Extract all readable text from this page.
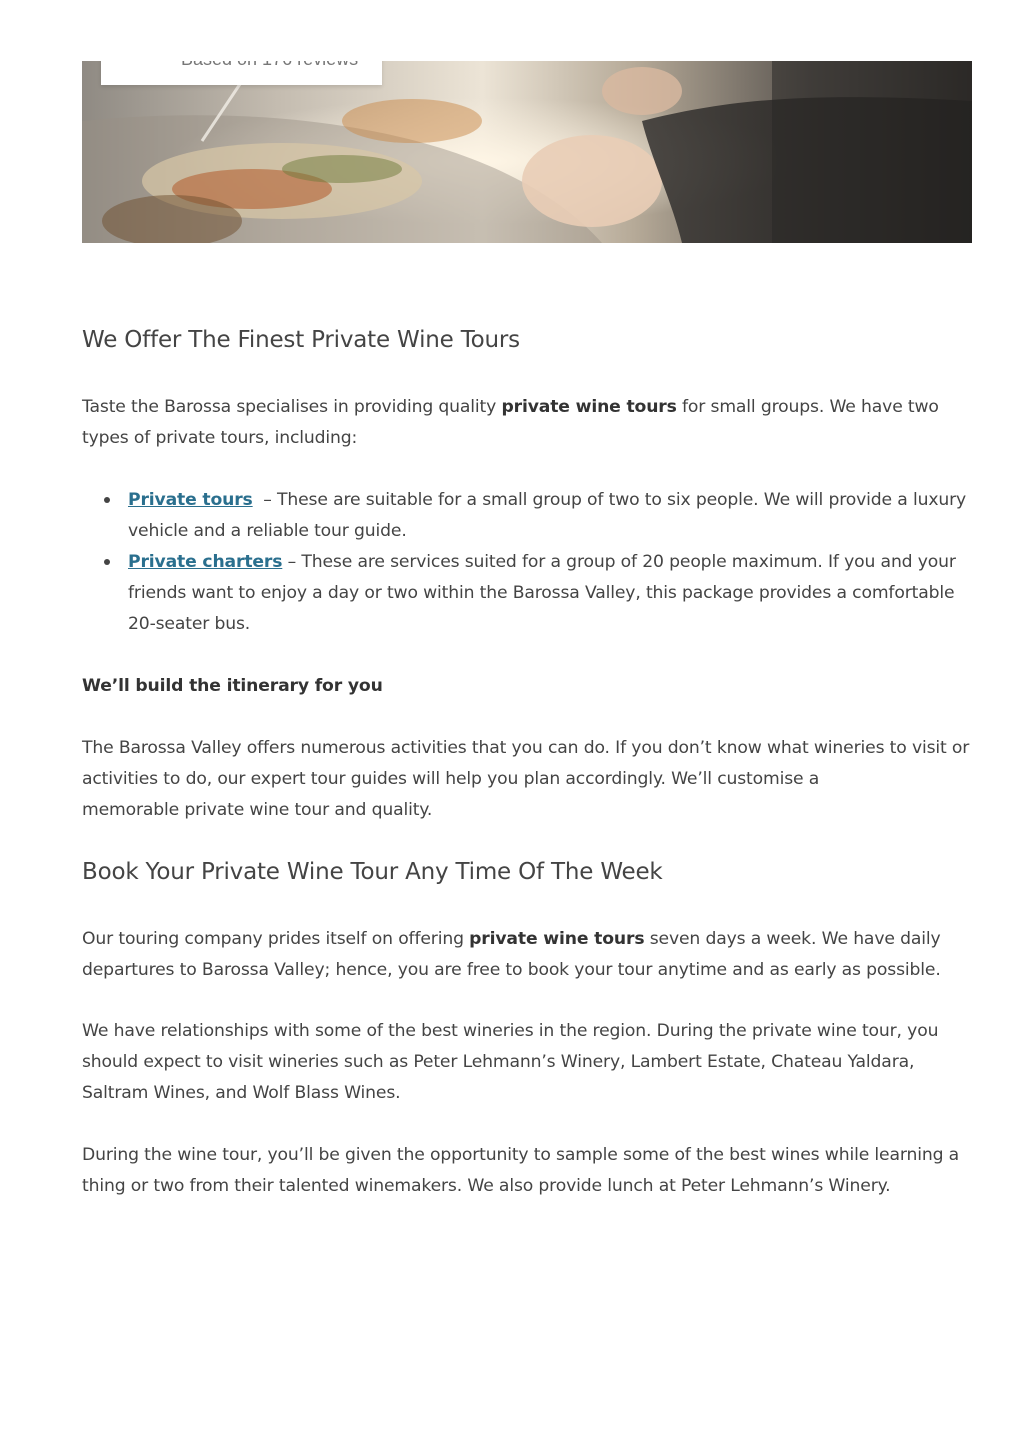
We Offer The Finest Private Wine Tours

Taste the Barossa specialises in providing quality private wine tours for small groups. We have two types of private tours, including:

Private tours  – These are suitable for a small group of two to six people. We will provide a luxury vehicle and a reliable tour guide.
Private charters – These are services suited for a group of 20 people maximum. If you and your friends want to enjoy a day or two within the Barossa Valley, this package provides a comfortable 20-seater bus.

We’ll build the itinerary for you

The Barossa Valley offers numerous activities that you can do. If you don’t know what wineries to visit or
activities to do, our expert tour guides will help you plan accordingly. We’ll customise a
memorable private wine tour and quality.
Book Your Private Wine Tour Any Time Of The Week

Our touring company prides itself on offering private wine tours seven days a week. We have daily departures to Barossa Valley; hence, you are free to book your tour anytime and as early as possible.

We have relationships with some of the best wineries in the region. During the private wine tour, you should expect to visit wineries such as Peter Lehmann’s Winery, Lambert Estate, Chateau Yaldara, Saltram Wines, and Wolf Blass Wines.

During the wine tour, you’ll be given the opportunity to sample some of the best wines while learning a thing or two from their talented winemakers. We also provide lunch at Peter Lehmann’s Winery.
